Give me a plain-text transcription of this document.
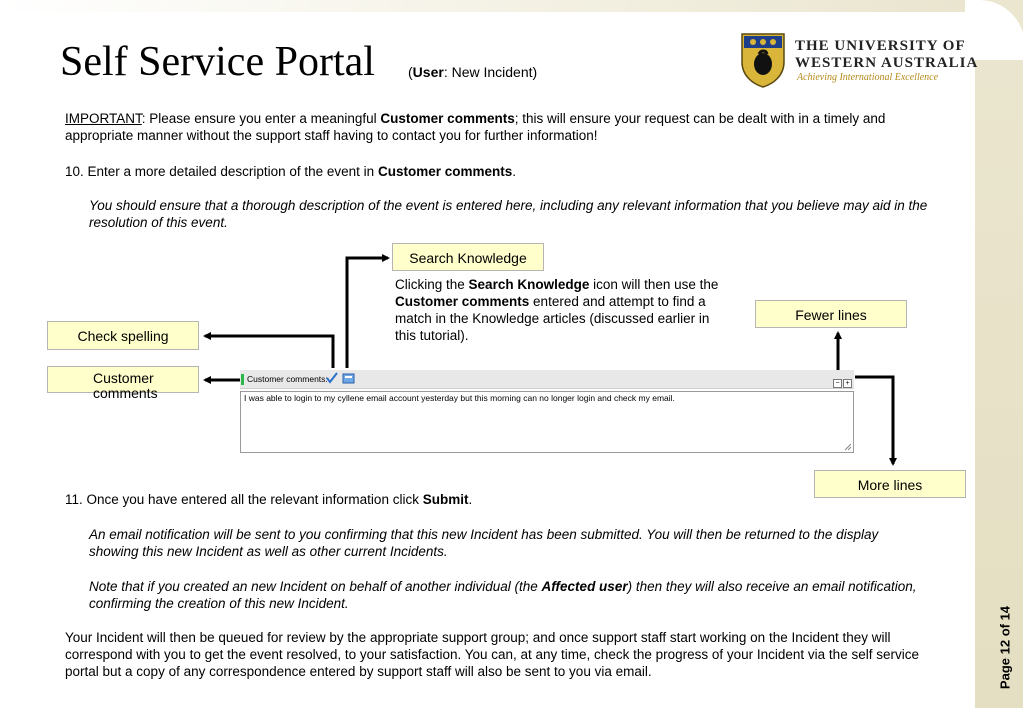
Page 12 of 14
Self Service Portal (User: New Incident)
THE UNIVERSITY OF
WESTERN AUSTRALIA
Achieving International Excellence
IMPORTANT: Please ensure you enter a meaningful Customer comments; this will ensure your request can be dealt with in a timely and appropriate manner without the support staff having to contact you for further information!
10. Enter a more detailed description of the event in Customer comments.
You should ensure that a thorough description of the event is entered here, including any relevant information that you believe may aid in the resolution of this event.
Search Knowledge
Clicking the Search Knowledge icon will then use the Customer comments entered and attempt to find a match in the Knowledge articles (discussed earlier in this tutorial).
Check spelling
Customer comments
Fewer lines
More lines
Customer comments:
	− +
I was able to login to my cyllene email account yesterday but this morning can no longer login and check my email.
11. Once you have entered all the relevant information click Submit.
An email notification will be sent to you confirming that this new Incident has been submitted. You will then be returned to the display showing this new Incident as well as other current Incidents.
Note that if you created an new Incident on behalf of another individual (the Affected user) then they will also receive an email notification, confirming the creation of this new Incident.
Your Incident will then be queued for review by the appropriate support group; and once support staff start working on the Incident they will correspond with you to get the event resolved, to your satisfaction. You can, at any time, check the progress of your Incident via the self service portal but a copy of any correspondence entered by support staff will also be sent to you via email.
